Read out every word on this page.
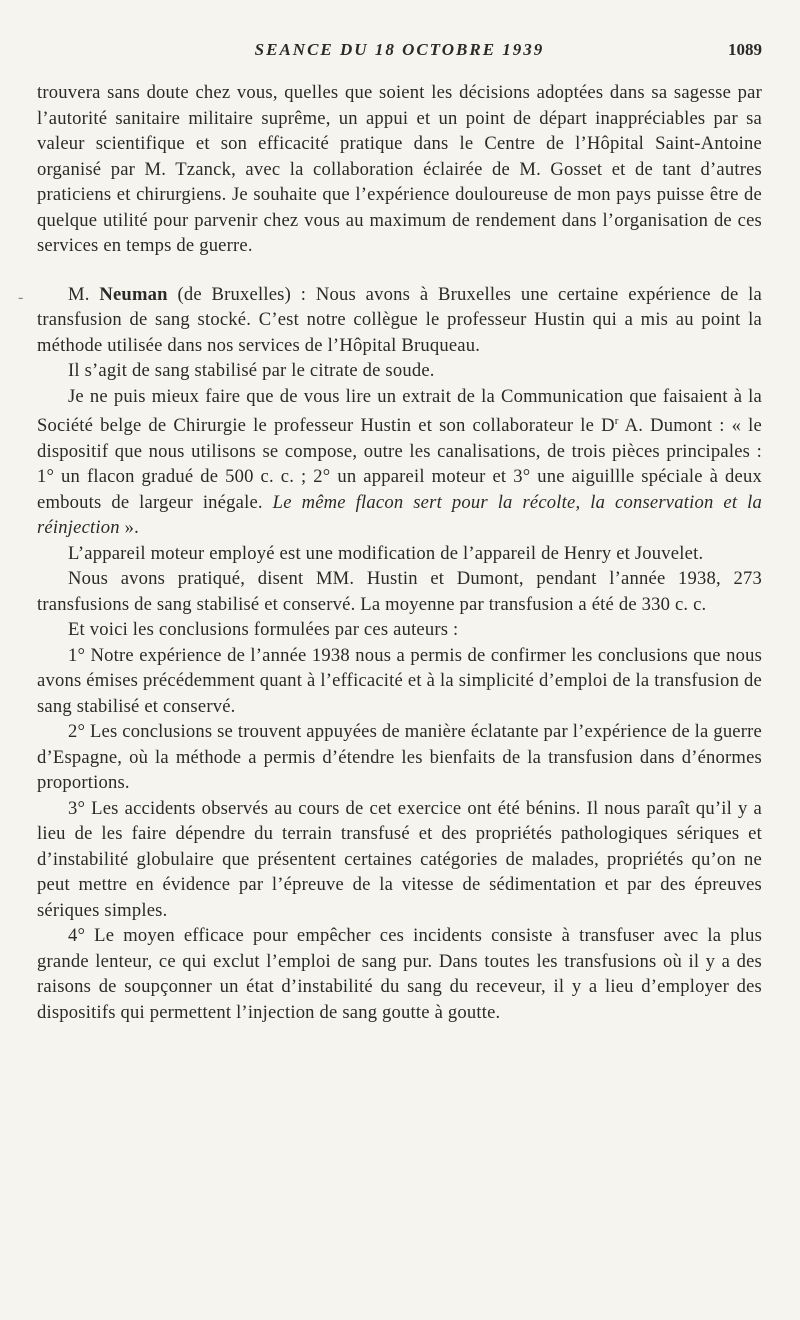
SEANCE DU 18 OCTOBRE 1939	1089
-

trouvera sans doute chez vous, quelles que soient les décisions adoptées dans sa sagesse par l’autorité sanitaire militaire suprême, un appui et un point de départ inappréciables par sa valeur scientifique et son efficacité pratique dans le Centre de l’Hôpital Saint-Antoine organisé par M. Tzanck, avec la collaboration éclairée de M. Gosset et de tant d’autres praticiens et chirurgiens. Je souhaite que l’expérience douloureuse de mon pays puisse être de quelque utilité pour parvenir chez vous au maximum de rendement dans l’organisation de ces services en temps de guerre.

M. Neuman (de Bruxelles) : Nous avons à Bruxelles une certaine expérience de la transfusion de sang stocké. C’est notre collègue le professeur Hustin qui a mis au point la méthode utilisée dans nos services de l’Hôpital Bruqueau.

Il s’agit de sang stabilisé par le citrate de soude.

Je ne puis mieux faire que de vous lire un extrait de la Communication que faisaient à la Société belge de Chirurgie le professeur Hustin et son collaborateur le $D^r$ A. Dumont : « le dispositif que nous utilisons se compose, outre les canalisations, de trois pièces principales : 1° un flacon gradué de 500 c. c. ; 2° un appareil moteur et 3° une aiguillle spéciale à deux embouts de largeur inégale. Le même flacon sert pour la récolte, la conservation et la réinjection ».

L’appareil moteur employé est une modification de l’appareil de Henry et Jouvelet.

Nous avons pratiqué, disent MM. Hustin et Dumont, pendant l’année 1938, 273 transfusions de sang stabilisé et conservé. La moyenne par transfusion a été de 330 c. c.

Et voici les conclusions formulées par ces auteurs :

1° Notre expérience de l’année 1938 nous a permis de confirmer les conclusions que nous avons émises précédemment quant à l’efficacité et à la simplicité d’emploi de la transfusion de sang stabilisé et conservé.

2° Les conclusions se trouvent appuyées de manière éclatante par l’expérience de la guerre d’Espagne, où la méthode a permis d’étendre les bienfaits de la transfusion dans d’énormes proportions.

3° Les accidents observés au cours de cet exercice ont été bénins. Il nous paraît qu’il y a lieu de les faire dépendre du terrain transfusé et des propriétés pathologiques sériques et d’instabilité globulaire que présentent certaines catégories de malades, propriétés qu’on ne peut mettre en évidence par l’épreuve de la vitesse de sédimentation et par des épreuves sériques simples.

4° Le moyen efficace pour empêcher ces incidents consiste à transfuser avec la plus grande lenteur, ce qui exclut l’emploi de sang pur. Dans toutes les transfusions où il y a des raisons de soupçonner un état d’instabilité du sang du receveur, il y a lieu d’employer des dispositifs qui permettent l’injection de sang goutte à goutte.
